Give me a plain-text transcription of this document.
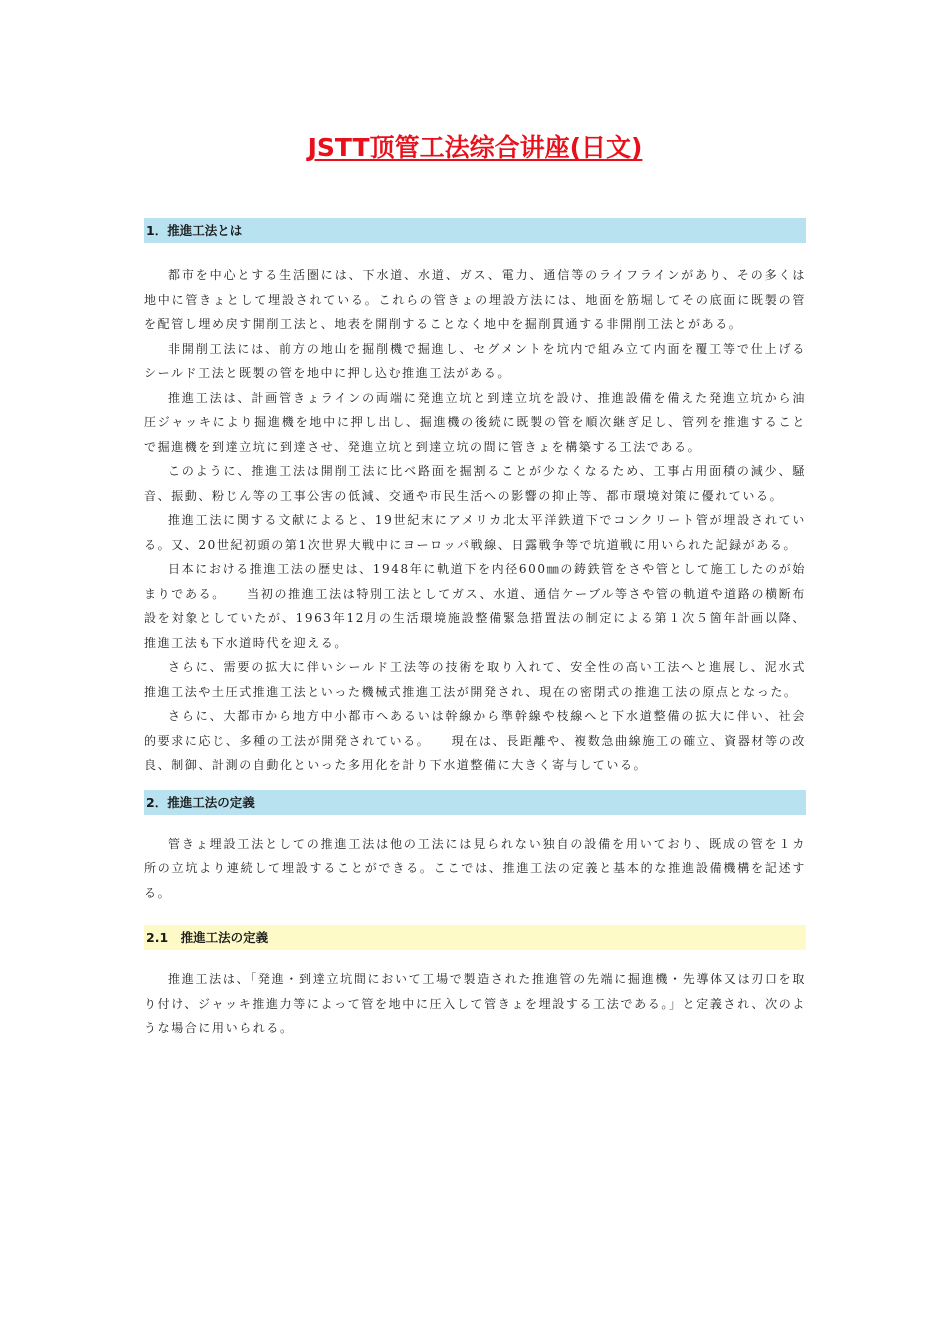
JSTT顶管工法综合讲座(日文)
1．推進工法とは

都市を中心とする生活圏には、下水道、水道、ガス、電力、通信等のライフラインがあり、その多くは地中に管きょとして埋設されている。これらの管きょの埋設方法には、地面を筋堀してその底面に既製の管を配管し埋め戻す開削工法と、地表を開削することなく地中を掘削貫通する非開削工法とがある。

非開削工法には、前方の地山を掘削機で掘進し、セグメントを坑内で組み立て内面を覆工等で仕上げるシールド工法と既製の管を地中に押し込む推進工法がある。

推進工法は、計画管きょラインの両端に発進立坑と到達立坑を設け、推進設備を備えた発進立坑から油圧ジャッキにより掘進機を地中に押し出し、掘進機の後続に既製の管を順次継ぎ足し、管列を推進することで掘進機を到達立坑に到達させ、発進立坑と到達立坑の間に管きょを構築する工法である。

このように、推進工法は開削工法に比べ路面を掘割ることが少なくなるため、工事占用面積の減少、騒音、振動、粉じん等の工事公害の低減、交通や市民生活への影響の抑止等、都市環境対策に優れている。

推進工法に関する文献によると、19世紀末にアメリカ北太平洋鉄道下でコンクリート管が埋設されている。又、20世紀初頭の第1次世界大戦中にヨーロッパ戦線、日露戦争等で坑道戦に用いられた記録がある。

日本における推進工法の歴史は、1948年に軌道下を内径600㎜の鋳鉄管をさや管として施工したのが始まりである。　　当初の推進工法は特別工法としてガス、水道、通信ケーブル等さや管の軌道や道路の横断布設を対象としていたが、1963年12月の生活環境施設整備緊急措置法の制定による第１次５箇年計画以降、推進工法も下水道時代を迎える。

さらに、需要の拡大に伴いシールド工法等の技術を取り入れて、安全性の高い工法へと進展し、泥水式推進工法や土圧式推進工法といった機械式推進工法が開発され、現在の密閉式の推進工法の原点となった。

さらに、大都市から地方中小都市へあるいは幹線から準幹線や枝線へと下水道整備の拡大に伴い、社会的要求に応じ、多種の工法が開発されている。　　現在は、長距離や、複数急曲線施工の確立、資器材等の改良、制御、計測の自動化といった多用化を計り下水道整備に大きく寄与している。

2．推進工法の定義

管きょ埋設工法としての推進工法は他の工法には見られない独自の設備を用いており、既成の管を１カ所の立坑より連続して埋設することができる。ここでは、推進工法の定義と基本的な推進設備機構を記述する。

2.1　推進工法の定義

推進工法は、「発進・到達立坑間において工場で製造された推進管の先端に掘進機・先導体又は刃口を取り付け、ジャッキ推進力等によって管を地中に圧入して管きょを埋設する工法である。」と定義され、次のような場合に用いられる。
